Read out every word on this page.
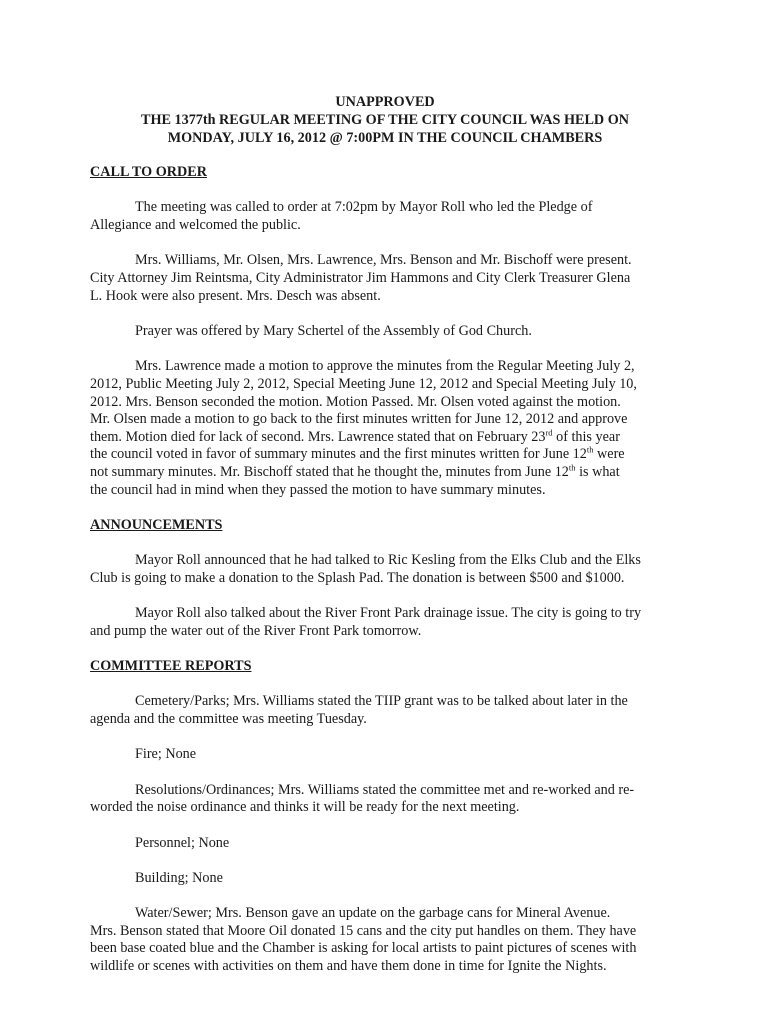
UNAPPROVED
THE 1377th REGULAR MEETING OF THE CITY COUNCIL WAS HELD ON
MONDAY, JULY 16, 2012 @ 7:00PM IN THE COUNCIL CHAMBERS
CALL TO ORDER

The meeting was called to order at 7:02pm by Mayor Roll who led the Pledge of
Allegiance and welcomed the public.

Mrs. Williams, Mr. Olsen, Mrs. Lawrence, Mrs. Benson and Mr. Bischoff were present.
City Attorney Jim Reintsma, City Administrator Jim Hammons and City Clerk Treasurer Glena
L. Hook were also present. Mrs. Desch was absent.

Prayer was offered by Mary Schertel of the Assembly of God Church.

Mrs. Lawrence made a motion to approve the minutes from the Regular Meeting July 2,
2012, Public Meeting July 2, 2012, Special Meeting June 12, 2012 and Special Meeting July 10,
2012. Mrs. Benson seconded the motion. Motion Passed. Mr. Olsen voted against the motion.
Mr. Olsen made a motion to go back to the first minutes written for June 12, 2012 and approve
them. Motion died for lack of second. Mrs. Lawrence stated that on February 23rd of this year
the council voted in favor of summary minutes and the first minutes written for June 12th were
not summary minutes. Mr. Bischoff stated that he thought the, minutes from June 12th is what
the council had in mind when they passed the motion to have summary minutes.

ANNOUNCEMENTS

Mayor Roll announced that he had talked to Ric Kesling from the Elks Club and the Elks
Club is going to make a donation to the Splash Pad. The donation is between $500 and $1000.

Mayor Roll also talked about the River Front Park drainage issue. The city is going to try
and pump the water out of the River Front Park tomorrow.

COMMITTEE REPORTS

Cemetery/Parks; Mrs. Williams stated the TIIP grant was to be talked about later in the
agenda and the committee was meeting Tuesday.

Fire; None

Resolutions/Ordinances; Mrs. Williams stated the committee met and re-worked and re-
worded the noise ordinance and thinks it will be ready for the next meeting.

Personnel; None

Building; None

Water/Sewer; Mrs. Benson gave an update on the garbage cans for Mineral Avenue.
Mrs. Benson stated that Moore Oil donated 15 cans and the city put handles on them. They have
been base coated blue and the Chamber is asking for local artists to paint pictures of scenes with
wildlife or scenes with activities on them and have them done in time for Ignite the Nights.
